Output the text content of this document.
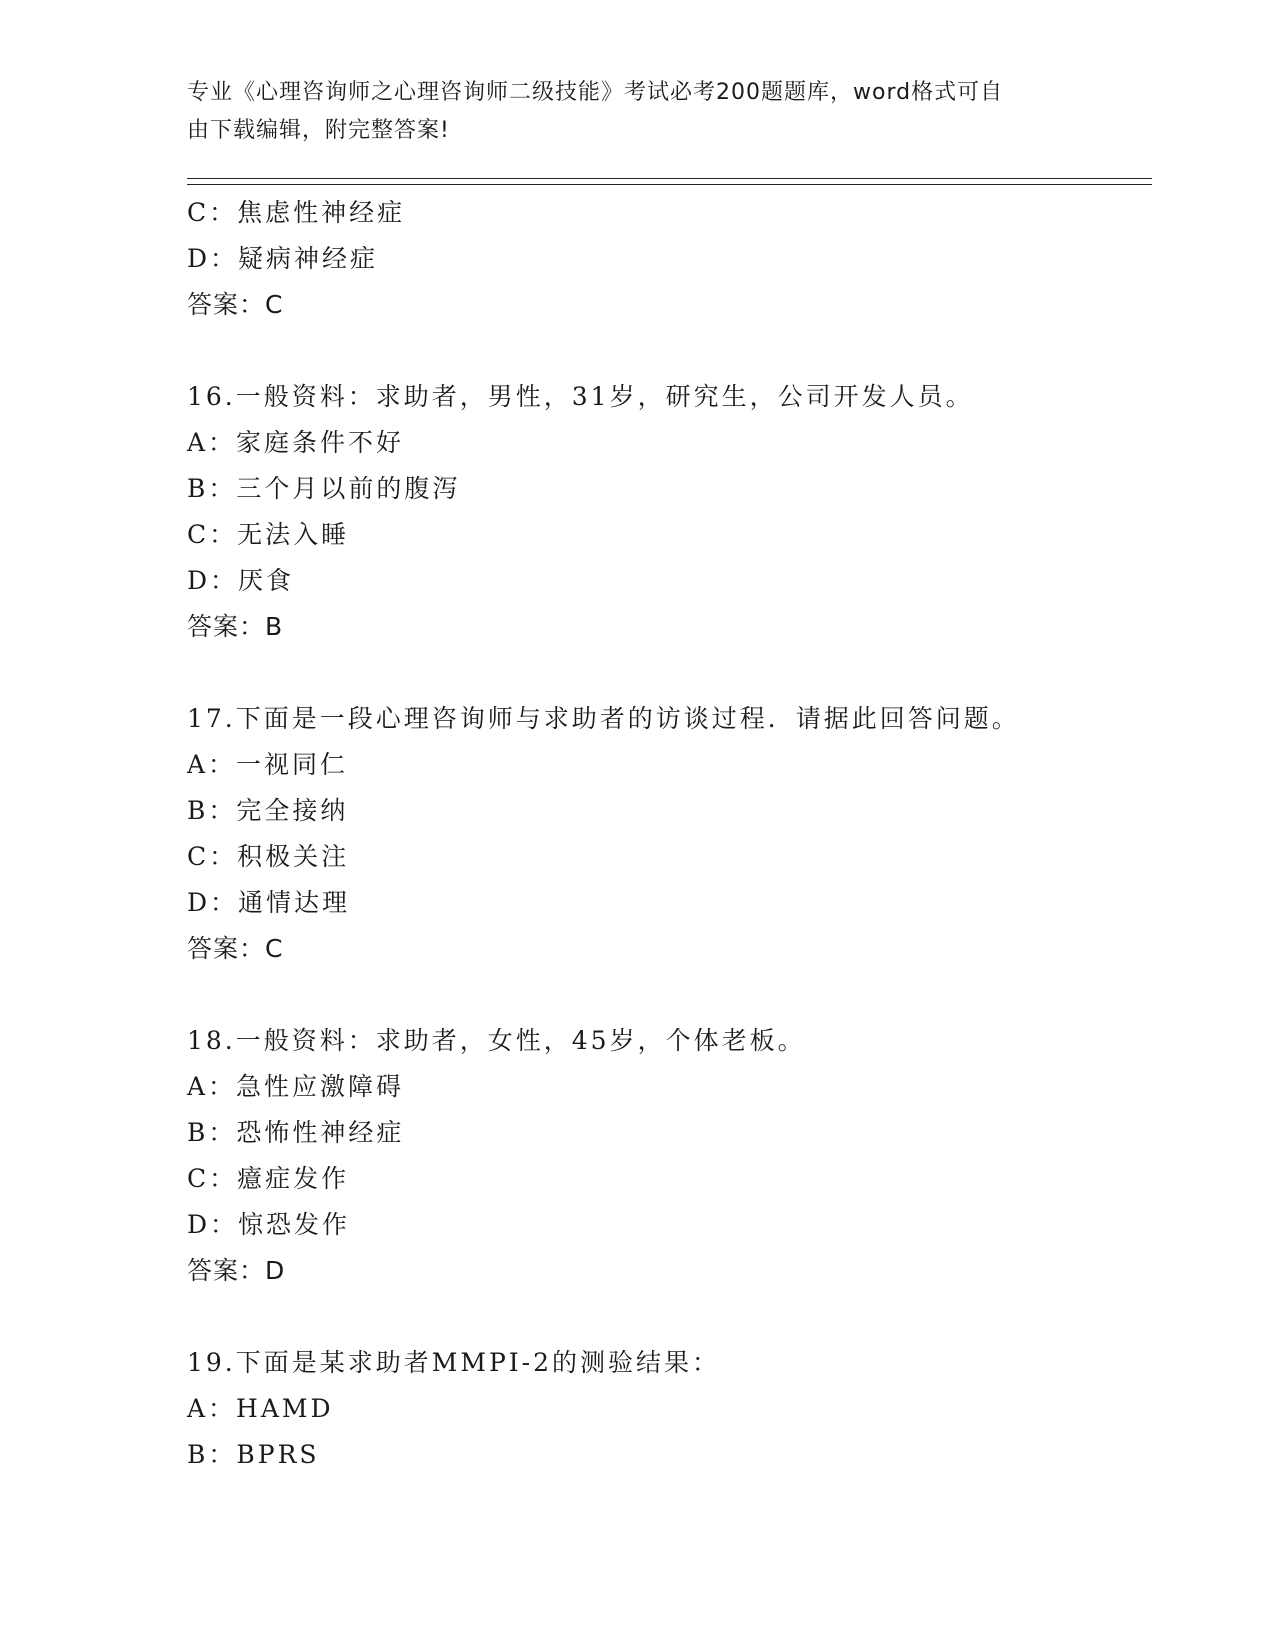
专业《心理咨询师之心理咨询师二级技能》考试必考200题题库，word格式可自
由下载编辑，附完整答案!
C：焦虑性神经症
D：疑病神经症
答案：C
16.一般资料：求助者，男性，31岁，研究生，公司开发人员。
A：家庭条件不好
B：三个月以前的腹泻
C：无法入睡
D：厌食
答案：B
17.下面是一段心理咨询师与求助者的访谈过程．请据此回答问题。
A：一视同仁
B：完全接纳
C：积极关注
D：通情达理
答案：C
18.一般资料：求助者，女性，45岁，个体老板。
A：急性应激障碍
B：恐怖性神经症
C：癔症发作
D：惊恐发作
答案：D
19.下面是某求助者MMPI-2的测验结果：
A：HAMD
B：BPRS
